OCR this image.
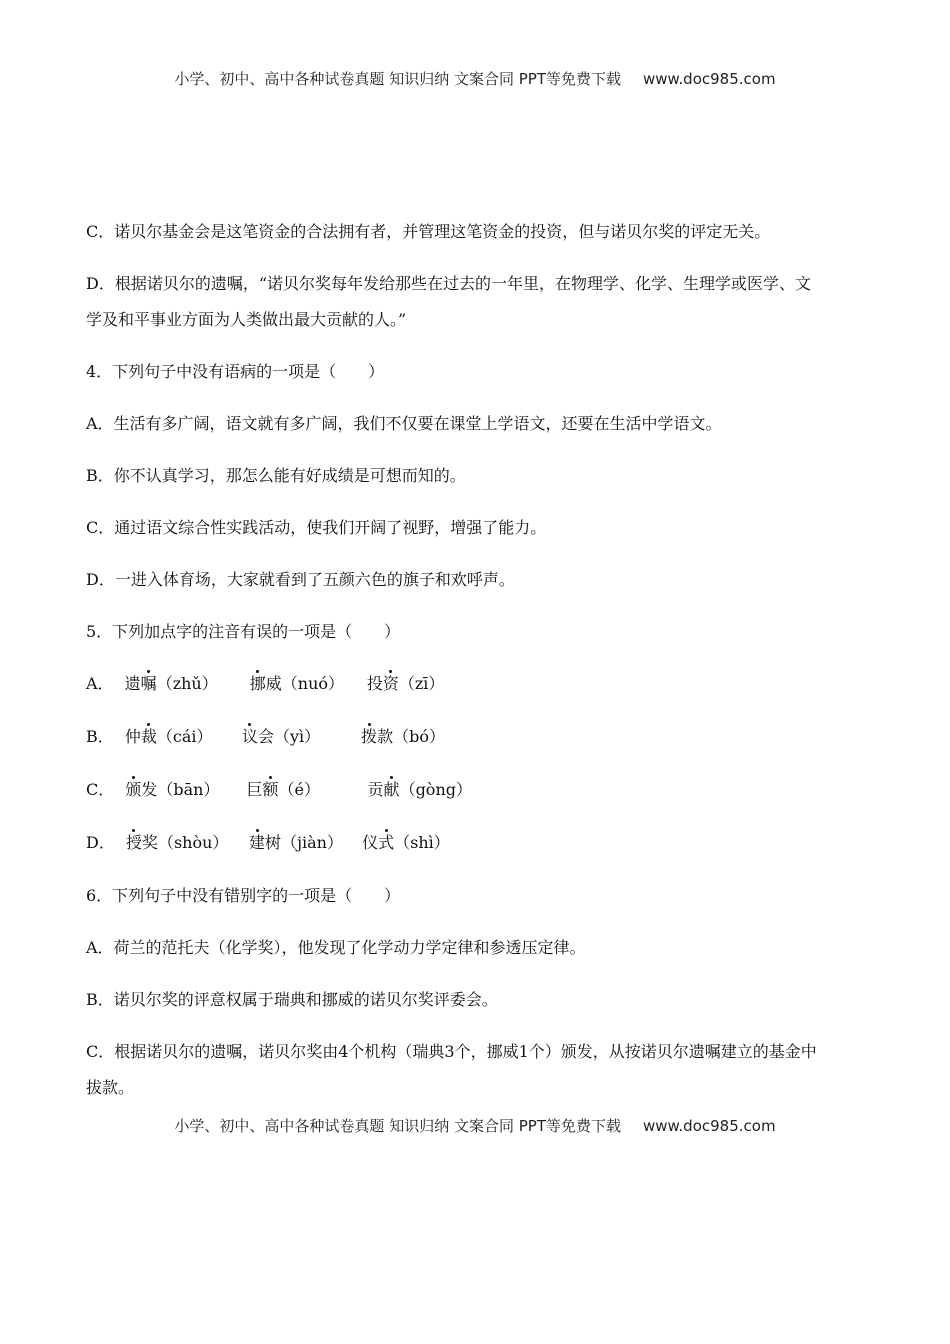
小学、初中、高中各种试卷真题 知识归纳 文案合同 PPT等免费下载 www.doc985.com
C．诺贝尔基金会是这笔资金的合法拥有者，并管理这笔资金的投资，但与诺贝尔奖的评定无关。
D．根据诺贝尔的遗嘱，“诺贝尔奖每年发给那些在过去的一年里，在物理学、化学、生理学或医学、文
学及和平事业方面为人类做出最大贡献的人。”
4．下列句子中没有语病的一项是（　　）
A．生活有多广阔，语文就有多广阔，我们不仅要在课堂上学语文，还要在生活中学语文。
B．你不认真学习，那怎么能有好成绩是可想而知的。
C．通过语文综合性实践活动，使我们开阔了视野，增强了能力。
D．一进入体育场，大家就看到了五颜六色的旗子和欢呼声。
5．下列加点字的注音有误的一项是（　　）
A． 遗嘱（zhǔ） 挪威（nuó） 投资（zī）
B． 仲裁（cái） 议会（yì）	拨款（bó）
C． 颁发（bān） 巨额（é）	贡献（gòng）
D． 授奖（shòu） 建树（jiàn） 仪式（shì）
6．下列句子中没有错别字的一项是（　　）
A．荷兰的范托夫（化学奖），他发现了化学动力学定律和参透压定律。
B．诺贝尔奖的评意权属于瑞典和挪威的诺贝尔奖评委会。
C．根据诺贝尔的遗嘱，诺贝尔奖由4个机构（瑞典3个，挪威1个）颁发，从按诺贝尔遗嘱建立的基金中
拔款。
小学、初中、高中各种试卷真题 知识归纳 文案合同 PPT等免费下载 www.doc985.com
